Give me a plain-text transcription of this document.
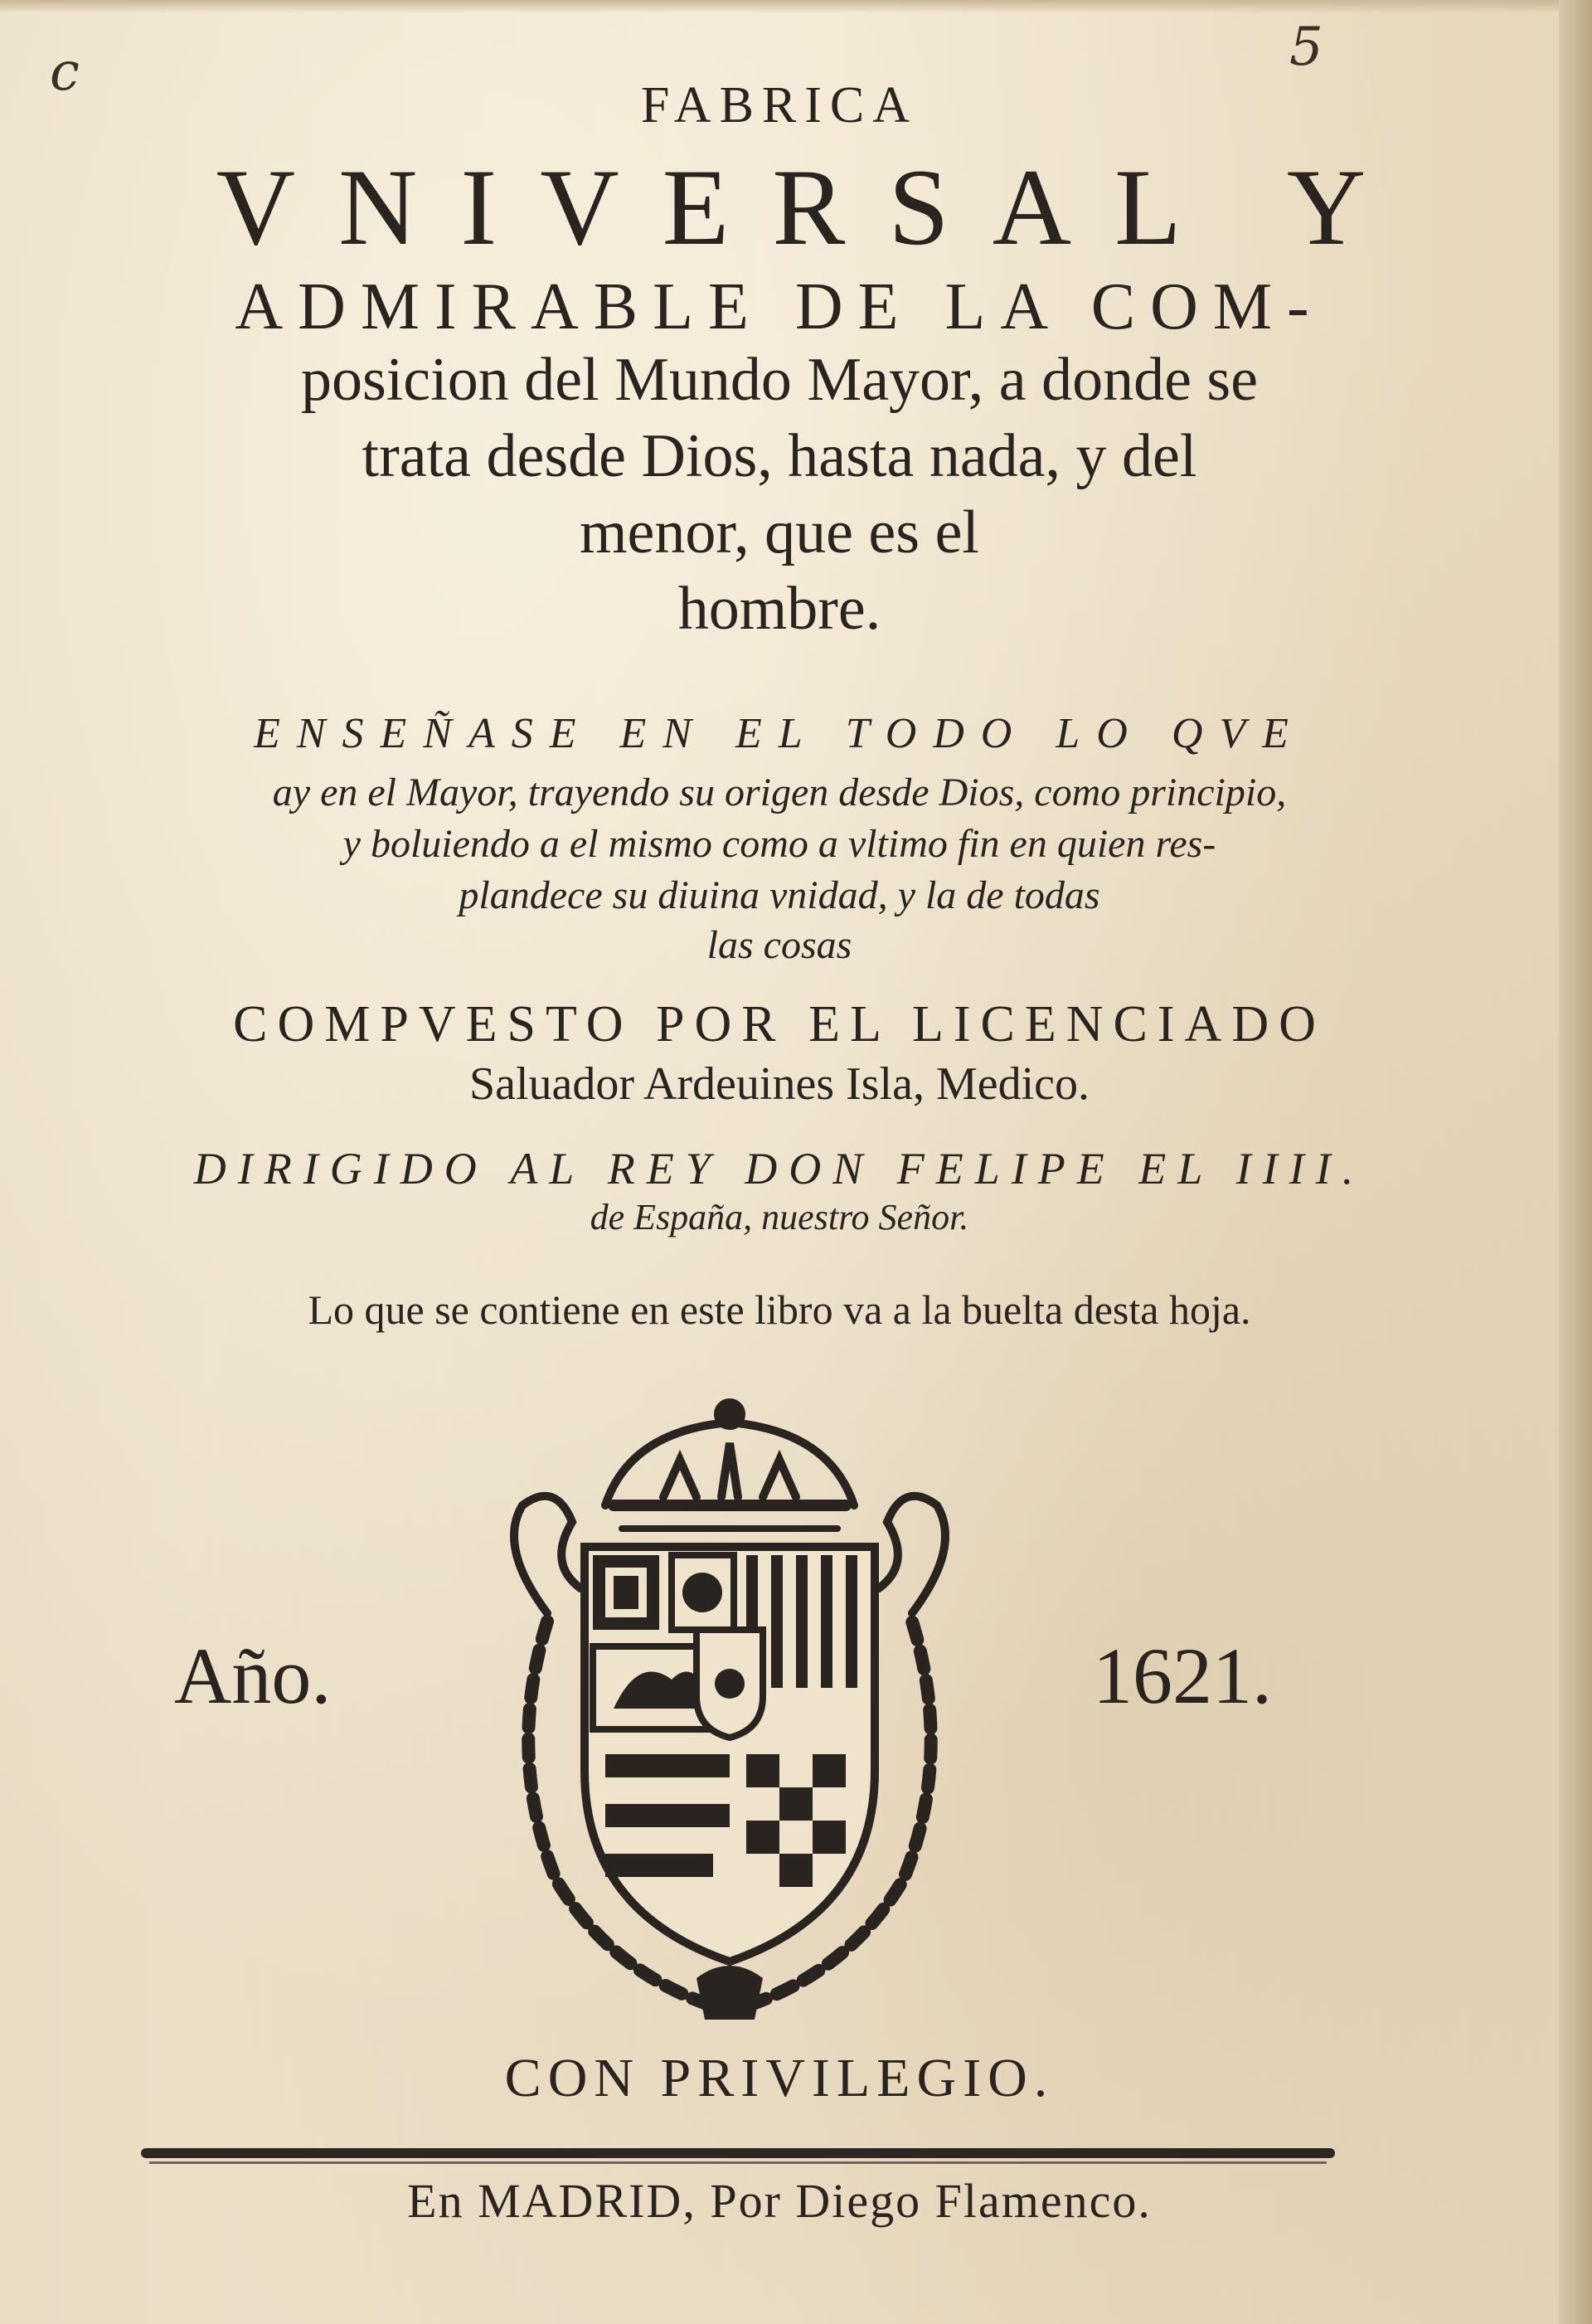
c	5
FABRICA
VNIVERSAL Y
ADMIRABLE DE LA COM-
posicion del Mundo Mayor, a donde se
trata desde Dios, hasta nada, y del
menor, que es el
hombre.
ENSEÑASE EN EL TODO LO QVE
ay en el Mayor, trayendo su origen desde Dios, como principio,
y boluiendo a el mismo como a vltimo fin en quien res-
plandece su diuina vnidad, y la de todas
las cosas
COMPVESTO POR EL LICENCIADO
Saluador Ardeuines Isla, Medico.
DIRIGIDO AL REY DON FELIPE EL IIII.
de España, nuestro Señor.
Lo que se contiene en este libro va a la buelta desta hoja.
Año.	1621.
CON PRIVILEGIO.
En MADRID, Por Diego Flamenco.
